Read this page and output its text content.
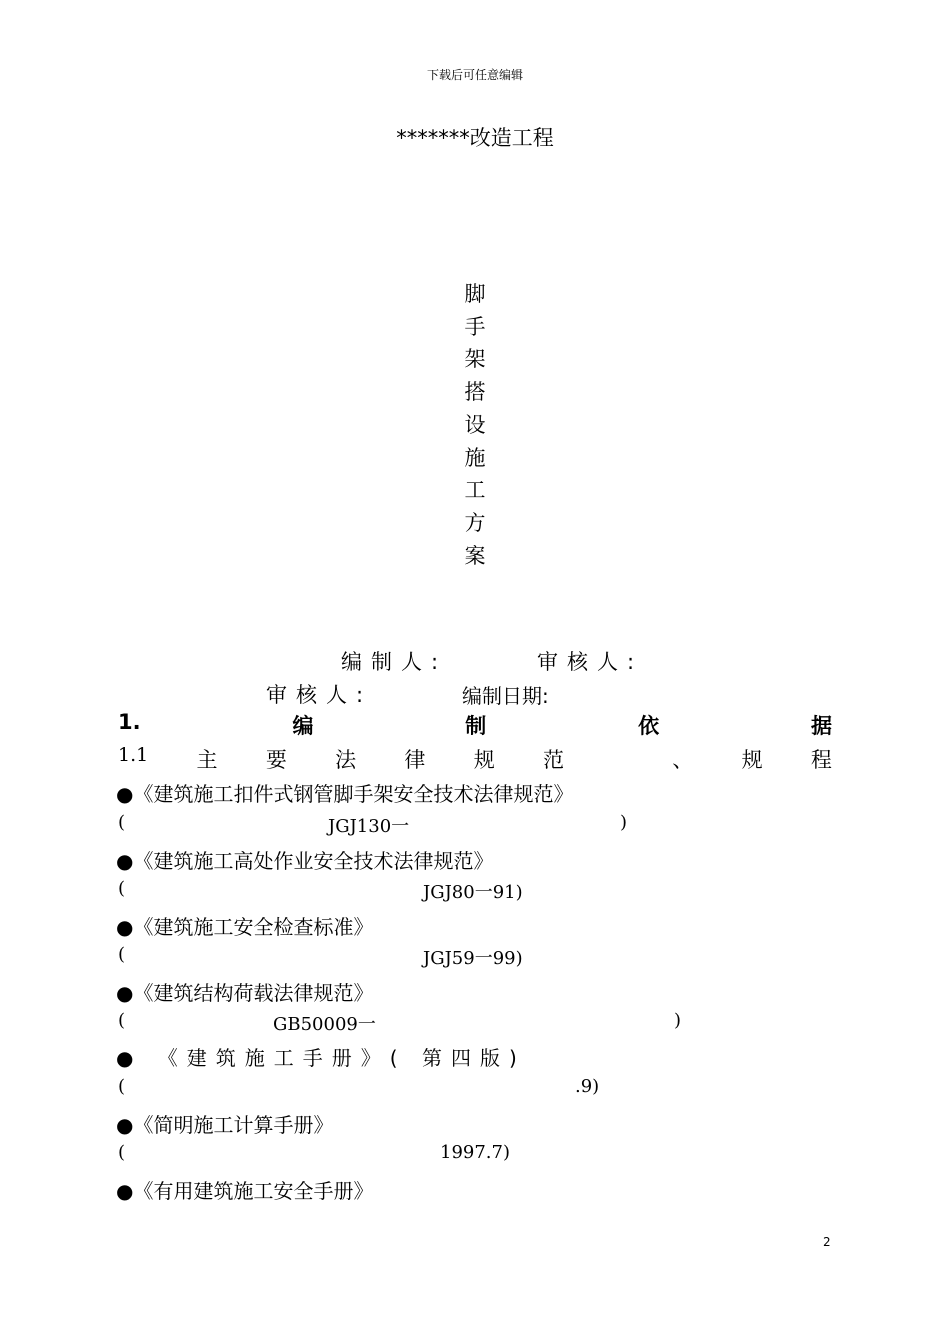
下载后可任意编辑
*******改造工程
脚
手
架
搭
设
施
工
方
案
编制人:	审核人:
审核人:	编制日期:
1.	编	制	依	据
1.1 主 要 法 律 规 范	、 规 程
●《建筑施工扣件式钢管脚手架安全技术法律规范》
(	JGJ130一	)
●《建筑施工高处作业安全技术法律规范》
(	JGJ80一91)
●《建筑施工安全检查标准》
(	JGJ59一99)
●《建筑结构荷载法律规范》
(	GB50009一	)
● 《建筑施工手册》( 第四版)
(	.9)
●《简明施工计算手册》
(	1997.7)
●《有用建筑施工安全手册》
2
